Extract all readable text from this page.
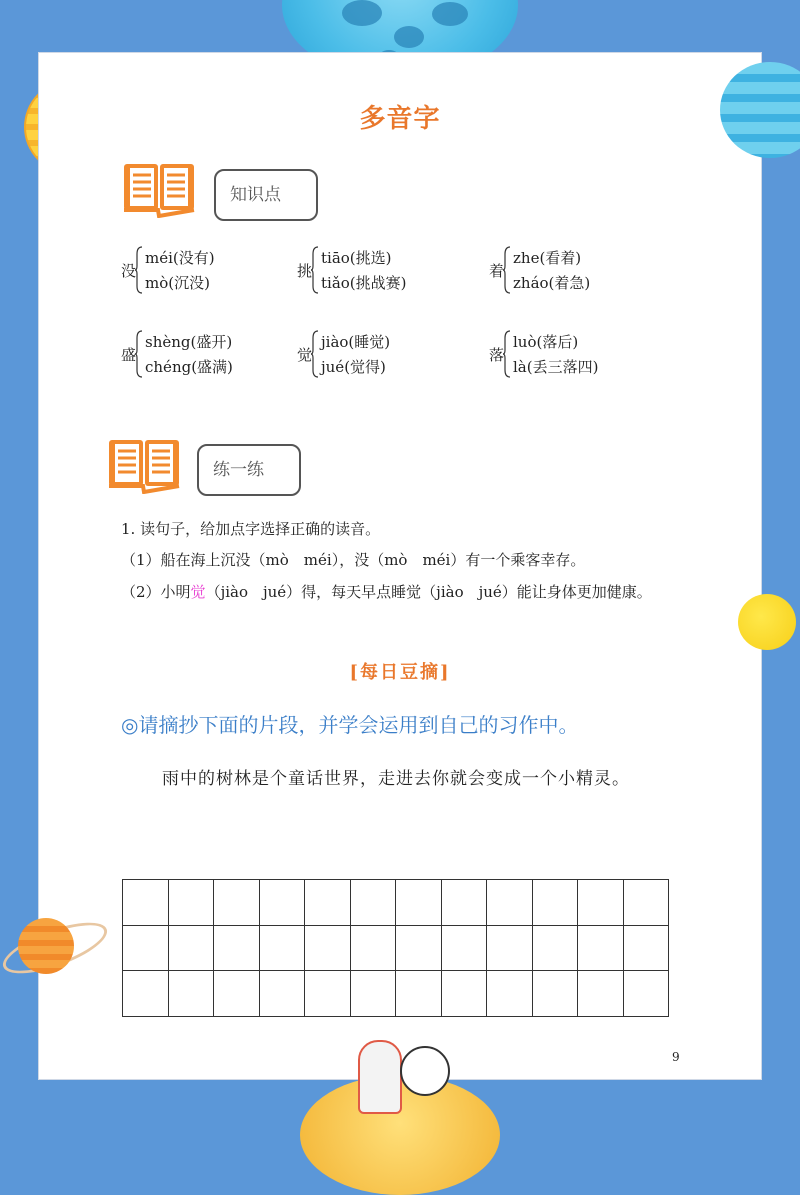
多音字
知识点
没
méi(没有)
mò(沉没)
挑
tiāo(挑选)
tiǎo(挑战赛)
着
zhe(看着)
zháo(着急)
盛
shèng(盛开)
chéng(盛满)
觉
jiào(睡觉)
jué(觉得)
落
luò(落后)
là(丢三落四)
练一练
1. 读句子，给加点字选择正确的读音。
（1）船在海上沉没（mò　méi），没（mò　méi）有一个乘客幸存。
（2）小明觉（jiào　jué）得，每天早点睡觉（jiào　jué）能让身体更加健康。
[每日豆摘]
◎请摘抄下面的片段，并学会运用到自己的习作中。
雨中的树林是个童话世界，走进去你就会变成一个小精灵。

9
